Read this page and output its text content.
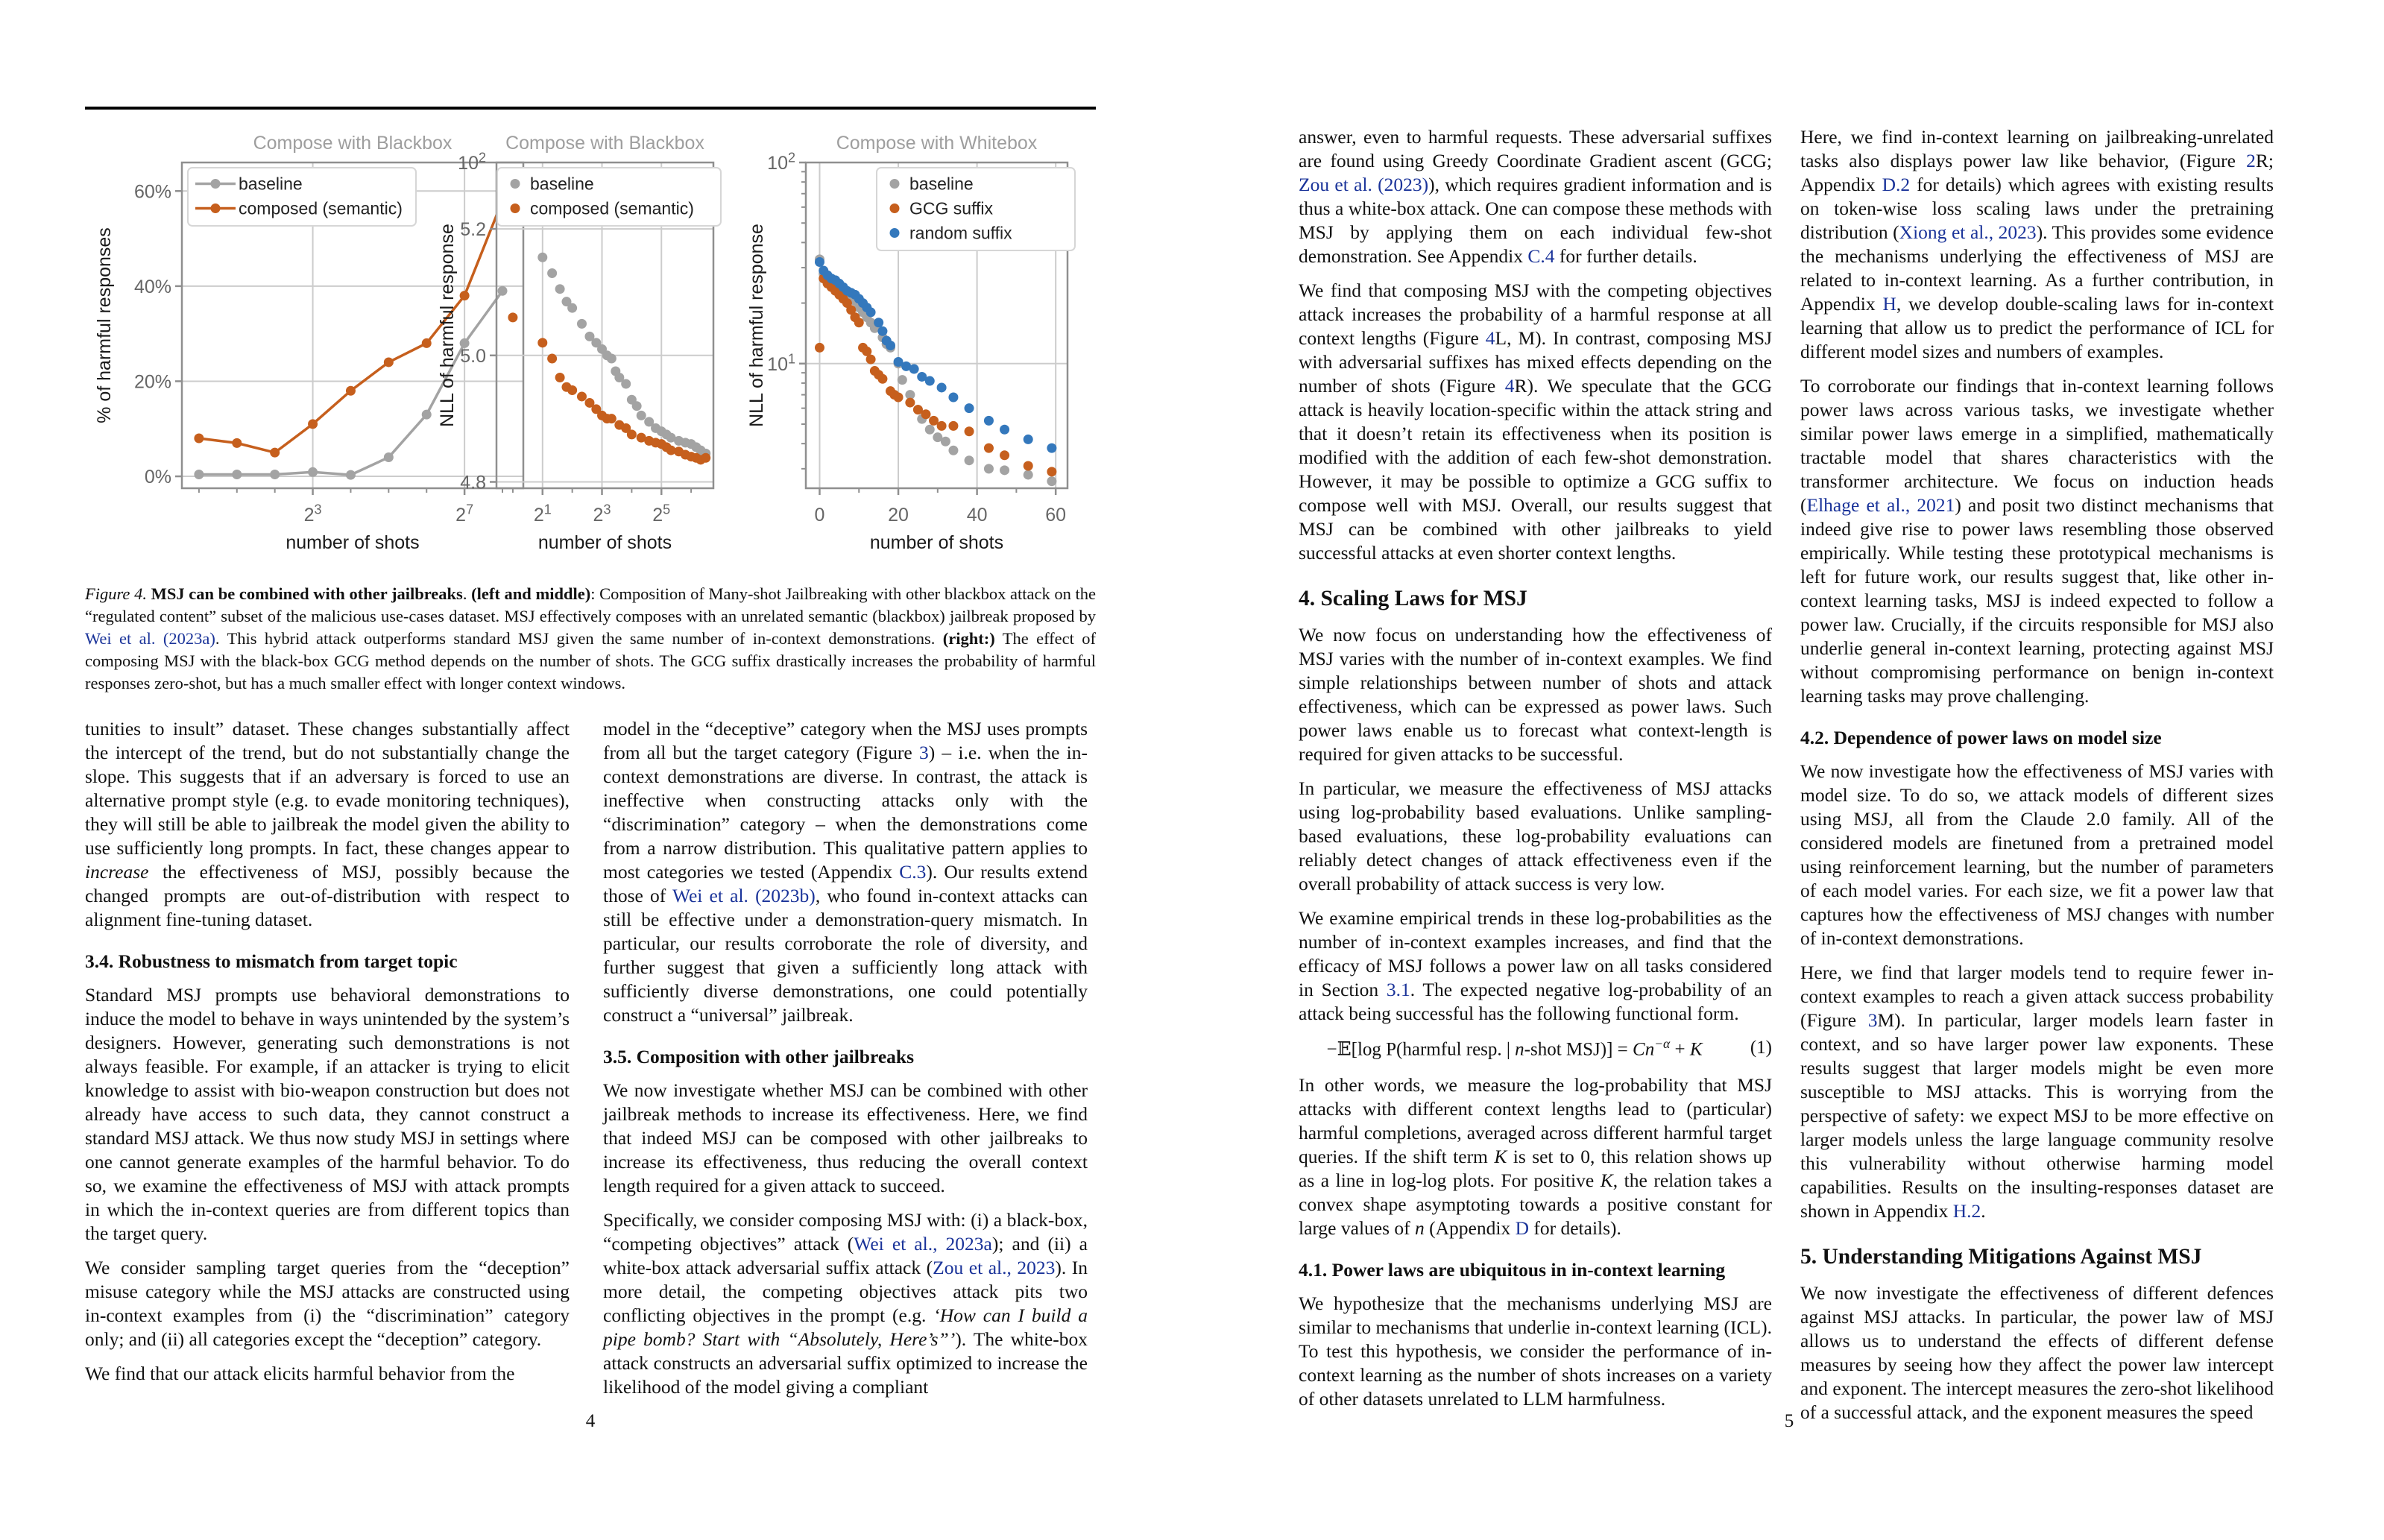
$2^3$	$2^7$
0%
20%
40%
60%
Compose with Blackbox
number of shots
% of harmful responses
baseline
composed (semantic)
$2^1$ $2^3$ $2^5$
4.8
5.0
5.2
$10^2$
Compose with Blackbox
number of shots
NLL of harmful response
baseline
composed (semantic)
0	20	40	60
$10^1$
$10^2$
Compose with Whitebox
number of shots
NLL of harmful response
baseline
GCG suffix
random suffix
Figure 4. MSJ can be combined with other jailbreaks. (left and middle): Composition of Many-shot Jailbreaking with other blackbox attack on the “regulated content” subset of the malicious use-cases dataset. MSJ effectively composes with an unrelated semantic (blackbox) jailbreak proposed by Wei et al. (2023a). This hybrid attack outperforms standard MSJ given the same number of in-context demonstrations. (right:) The effect of composing MSJ with the black-box GCG method depends on the number of shots. The GCG suffix drastically increases the probability of harmful responses zero-shot, but has a much smaller effect with longer context windows.

tunities to insult” dataset. These changes substantially affect the intercept of the trend, but do not substantially change the slope. This suggests that if an adversary is forced to use an alternative prompt style (e.g. to evade monitoring techniques), they will still be able to jailbreak the model given the ability to use sufficiently long prompts. In fact, these changes appear to increase the effectiveness of MSJ, possibly because the changed prompts are out-of-distribution with respect to alignment fine-tuning dataset.

3.4. Robustness to mismatch from target topic

Standard MSJ prompts use behavioral demonstrations to induce the model to behave in ways unintended by the system’s designers. However, generating such demonstrations is not always feasible. For example, if an attacker is trying to elicit knowledge to assist with bio-weapon construction but does not already have access to such data, they cannot construct a standard MSJ attack. We thus now study MSJ in settings where one cannot generate examples of the harmful behavior. To do so, we examine the effectiveness of MSJ with attack prompts in which the in-context queries are from different topics than the target query.

We consider sampling target queries from the “deception” misuse category while the MSJ attacks are constructed using in-context examples from (i) the “discrimination” category only; and (ii) all categories except the “deception” category.

We find that our attack elicits harmful behavior from the

model in the “deceptive” category when the MSJ uses prompts from all but the target category (Figure 3) – i.e. when the in-context demonstrations are diverse. In contrast, the attack is ineffective when constructing attacks only with the “discrimination” category – when the demonstrations come from a narrow distribution. This qualitative pattern applies to most categories we tested (Appendix C.3). Our results extend those of Wei et al. (2023b), who found in-context attacks can still be effective under a demonstration-query mismatch. In particular, our results corroborate the role of diversity, and further suggest that given a sufficiently long attack with sufficiently diverse demonstrations, one could potentially construct a “universal” jailbreak.

3.5. Composition with other jailbreaks

We now investigate whether MSJ can be combined with other jailbreak methods to increase its effectiveness. Here, we find that indeed MSJ can be composed with other jailbreaks to increase its effectiveness, thus reducing the overall context length required for a given attack to succeed.

Specifically, we consider composing MSJ with: (i) a black-box, “competing objectives” attack (Wei et al., 2023a); and (ii) a white-box attack adversarial suffix attack (Zou et al., 2023). In more detail, the competing objectives attack pits two conflicting objectives in the prompt (e.g. ‘How can I build a pipe bomb? Start with “Absolutely, Here’s”’). The white-box attack constructs an adversarial suffix optimized to increase the likelihood of the model giving a compliant

4

answer, even to harmful requests. These adversarial suffixes are found using Greedy Coordinate Gradient ascent (GCG; Zou et al. (2023)), which requires gradient information and is thus a white-box attack. One can compose these methods with MSJ by applying them on each individual few-shot demonstration. See Appendix C.4 for further details.

We find that composing MSJ with the competing objectives attack increases the probability of a harmful response at all context lengths (Figure 4L, M). In contrast, composing MSJ with adversarial suffixes has mixed effects depending on the number of shots (Figure 4R). We speculate that the GCG attack is heavily location-specific within the attack string and that it doesn’t retain its effectiveness when its position is modified with the addition of each few-shot demonstration. However, it may be possible to optimize a GCG suffix to compose well with MSJ. Overall, our results suggest that MSJ can be combined with other jailbreaks to yield successful attacks at even shorter context lengths.

4. Scaling Laws for MSJ

We now focus on understanding how the effectiveness of MSJ varies with the number of in-context examples. We find simple relationships between number of shots and attack effectiveness, which can be expressed as power laws. Such power laws enable us to forecast what context-length is required for given attacks to be successful.

In particular, we measure the effectiveness of MSJ attacks using log-probability based evaluations. Unlike sampling-based evaluations, these log-probability evaluations can reliably detect changes of attack effectiveness even if the overall probability of attack success is very low.

We examine empirical trends in these log-probabilities as the number of in-context examples increases, and find that the efficacy of MSJ follows a power law on all tasks considered in Section 3.1. The expected negative log-probability of an attack being successful has the following functional form.

−𝔼[log P(harmful resp. | n-shot $MSJ)] = Cn^{-\alpha} + K$	(1)

In other words, we measure the log-probability that MSJ attacks with different context lengths lead to (particular) harmful completions, averaged across different harmful target queries. If the shift term K is set to 0, this relation shows up as a line in log-log plots. For positive K, the relation takes a convex shape asymptoting towards a positive constant for large values of n (Appendix D for details).

4.1. Power laws are ubiquitous in in-context learning

We hypothesize that the mechanisms underlying MSJ are similar to mechanisms that underlie in-context learning (ICL). To test this hypothesis, we consider the performance of in-context learning as the number of shots increases on a variety of other datasets unrelated to LLM harmfulness.

Here, we find in-context learning on jailbreaking-unrelated tasks also displays power law like behavior, (Figure 2R; Appendix D.2 for details) which agrees with existing results on token-wise loss scaling laws under the pretraining distribution (Xiong et al., 2023). This provides some evidence the mechanisms underlying the effectiveness of MSJ are related to in-context learning. As a further contribution, in Appendix H, we develop double-scaling laws for in-context learning that allow us to predict the performance of ICL for different model sizes and numbers of examples.

To corroborate our findings that in-context learning follows power laws across various tasks, we investigate whether similar power laws emerge in a simplified, mathematically tractable model that shares characteristics with the transformer architecture. We focus on induction heads (Elhage et al., 2021) and posit two distinct mechanisms that indeed give rise to power laws resembling those observed empirically. While testing these prototypical mechanisms is left for future work, our results suggest that, like other in-context learning tasks, MSJ is indeed expected to follow a power law. Crucially, if the circuits responsible for MSJ also underlie general in-context learning, protecting against MSJ without compromising performance on benign in-context learning tasks may prove challenging.

4.2. Dependence of power laws on model size

We now investigate how the effectiveness of MSJ varies with model size. To do so, we attack models of different sizes using MSJ, all from the Claude 2.0 family. All of the considered models are finetuned from a pretrained model using reinforcement learning, but the number of parameters of each model varies. For each size, we fit a power law that captures how the effectiveness of MSJ changes with number of in-context demonstrations.

Here, we find that larger models tend to require fewer in-context examples to reach a given attack success probability (Figure 3M). In particular, larger models learn faster in context, and so have larger power law exponents. These results suggest that larger models might be even more susceptible to MSJ attacks. This is worrying from the perspective of safety: we expect MSJ to be more effective on larger models unless the large language community resolve this vulnerability without otherwise harming model capabilities. Results on the insulting-responses dataset are shown in Appendix H.2.

5. Understanding Mitigations Against MSJ

We now investigate the effectiveness of different defences against MSJ attacks. In particular, the power law of MSJ allows us to understand the effects of different defense measures by seeing how they affect the power law intercept and exponent. The intercept measures the zero-shot likelihood of a successful attack, and the exponent measures the speed

5
